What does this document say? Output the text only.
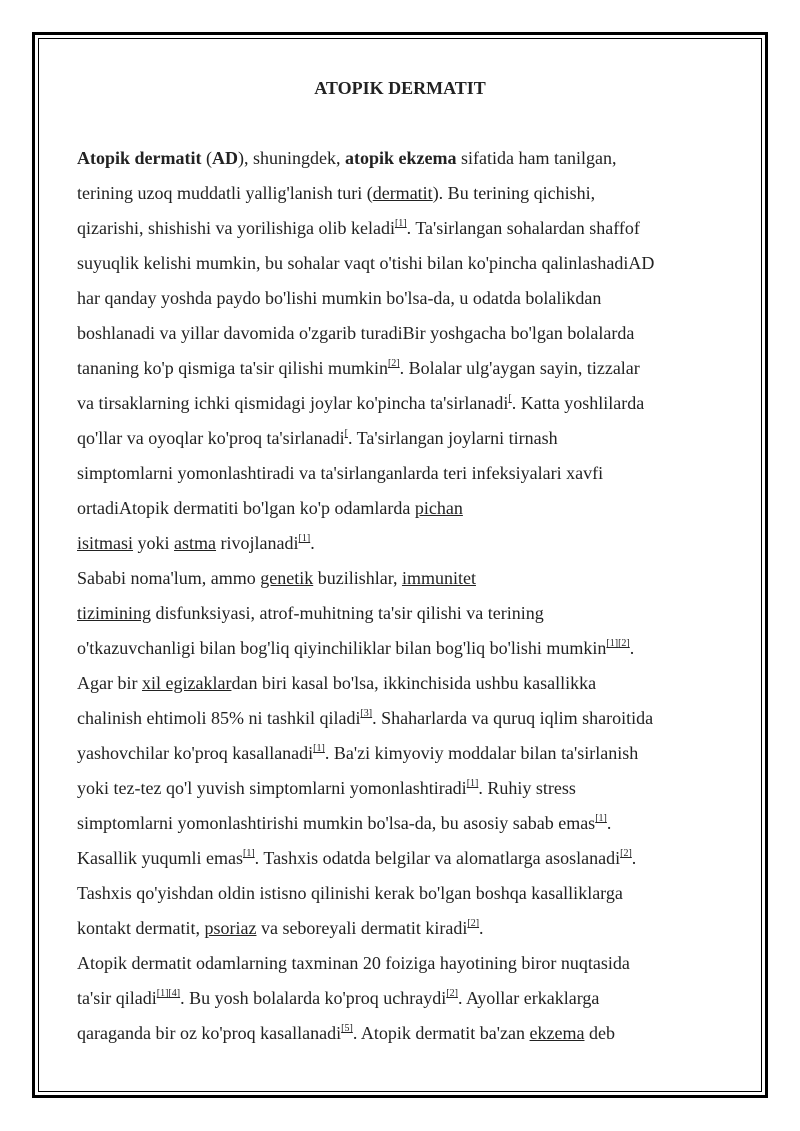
ATOPIK DERMATIT
Atopik dermatit (AD), shuningdek, atopik ekzema sifatida ham tanilgan,
terining uzoq muddatli yallig'lanish turi (dermatit). Bu terining qichishi,
qizarishi, shishishi va yorilishiga olib keladi[1]. Ta'sirlangan sohalardan shaffof
suyuqlik kelishi mumkin, bu sohalar vaqt o'tishi bilan ko'pincha qalinlashadiAD
har qanday yoshda paydo bo'lishi mumkin bo'lsa-da, u odatda bolalikdan
boshlanadi va yillar davomida o'zgarib turadiBir yoshgacha bo'lgan bolalarda
tananing ko'p qismiga ta'sir qilishi mumkin[2]. Bolalar ulg'aygan sayin, tizzalar
va tirsaklarning ichki qismidagi joylar ko'pincha ta'sirlanadi[. Katta yoshlilarda
qo'llar va oyoqlar ko'proq ta'sirlanadi[. Ta'sirlangan joylarni tirnash
simptomlarni yomonlashtiradi va ta'sirlanganlarda teri infeksiyalari xavfi
ortadiAtopik dermatiti bo'lgan ko'p odamlarda pichan
isitmasi yoki astma rivojlanadi[1].
Sababi noma'lum, ammo genetik buzilishlar, immunitet
tizimining disfunksiyasi, atrof-muhitning ta'sir qilishi va terining
o'tkazuvchanligi bilan bog'liq qiyinchiliklar bilan bog'liq bo'lishi mumkin[1][2].
Agar bir xil egizaklardan biri kasal bo'lsa, ikkinchisida ushbu kasallikka
chalinish ehtimoli 85% ni tashkil qiladi[3]. Shaharlarda va quruq iqlim sharoitida
yashovchilar ko'proq kasallanadi[1]. Ba'zi kimyoviy moddalar bilan ta'sirlanish
yoki tez-tez qo'l yuvish simptomlarni yomonlashtiradi[1]. Ruhiy stress
simptomlarni yomonlashtirishi mumkin bo'lsa-da, bu asosiy sabab emas[1].
Kasallik yuqumli emas[1]. Tashxis odatda belgilar va alomatlarga asoslanadi[2].
Tashxis qo'yishdan oldin istisno qilinishi kerak bo'lgan boshqa kasalliklarga
kontakt dermatit, psoriaz va seboreyali dermatit kiradi[2].
Atopik dermatit odamlarning taxminan 20 foiziga hayotining biror nuqtasida
ta'sir qiladi[1][4]. Bu yosh bolalarda ko'proq uchraydi[2]. Ayollar erkaklarga
qaraganda bir oz ko'proq kasallanadi[5]. Atopik dermatit ba'zan ekzema deb
